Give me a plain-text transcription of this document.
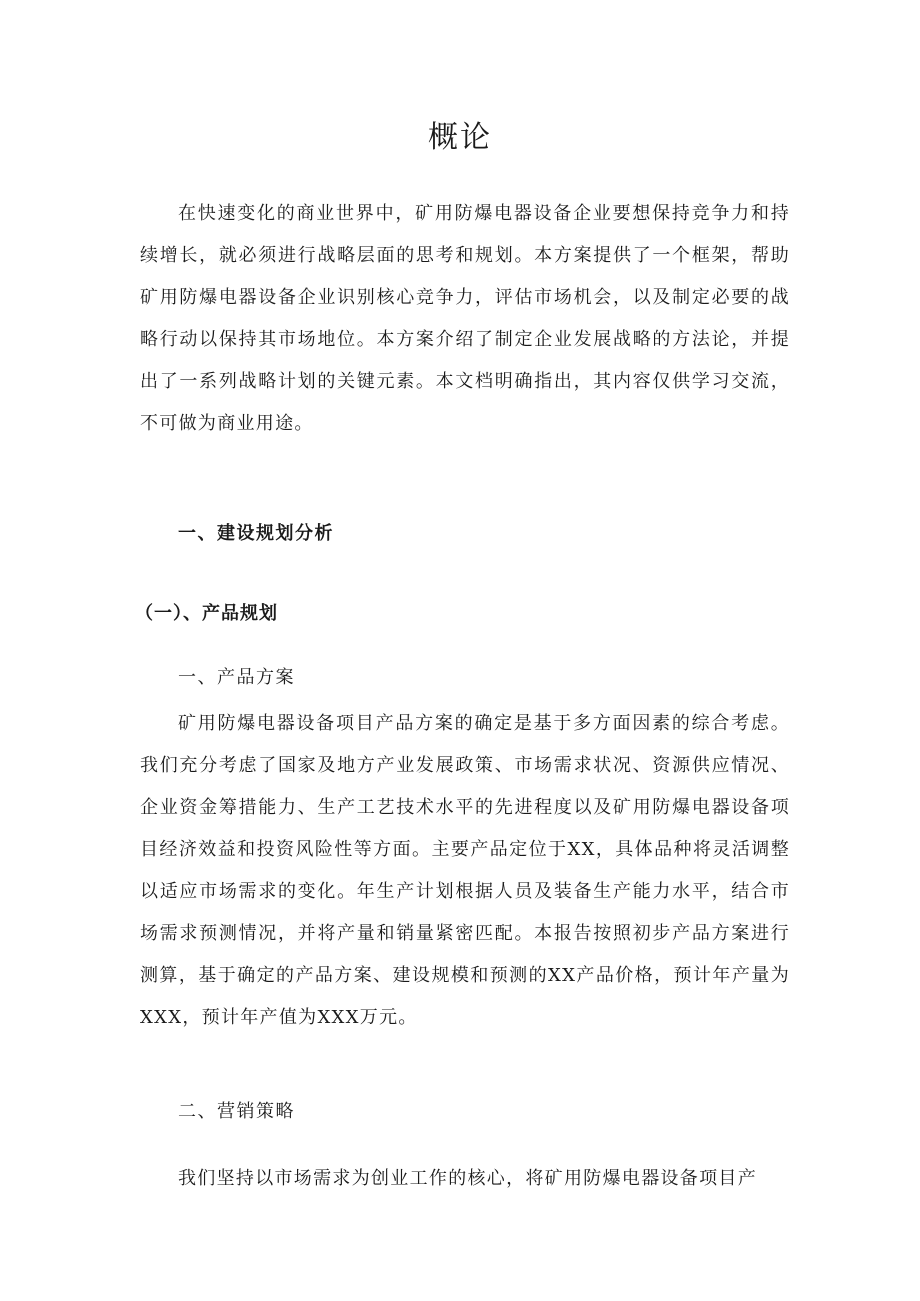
概论

在快速变化的商业世界中，矿用防爆电器设备企业要想保持竞争力和持续增长，就必须进行战略层面的思考和规划。本方案提供了一个框架，帮助矿用防爆电器设备企业识别核心竞争力，评估市场机会，以及制定必要的战略行动以保持其市场地位。本方案介绍了制定企业发展战略的方法论，并提出了一系列战略计划的关键元素。本文档明确指出，其内容仅供学习交流，不可做为商业用途。

一、建设规划分析
（一）、产品规划
一、产品方案

矿用防爆电器设备项目产品方案的确定是基于多方面因素的综合考虑。我们充分考虑了国家及地方产业发展政策、市场需求状况、资源供应情况、企业资金筹措能力、生产工艺技术水平的先进程度以及矿用防爆电器设备项目经济效益和投资风险性等方面。主要产品定位于XX，具体品种将灵活调整以适应市场需求的变化。年生产计划根据人员及装备生产能力水平，结合市场需求预测情况，并将产量和销量紧密匹配。本报告按照初步产品方案进行测算，基于确定的产品方案、建设规模和预测的XX产品价格，预计年产量为XXX，预计年产值为XXX万元。

二、营销策略

我们坚持以市场需求为创业工作的核心，将矿用防爆电器设备项目产
